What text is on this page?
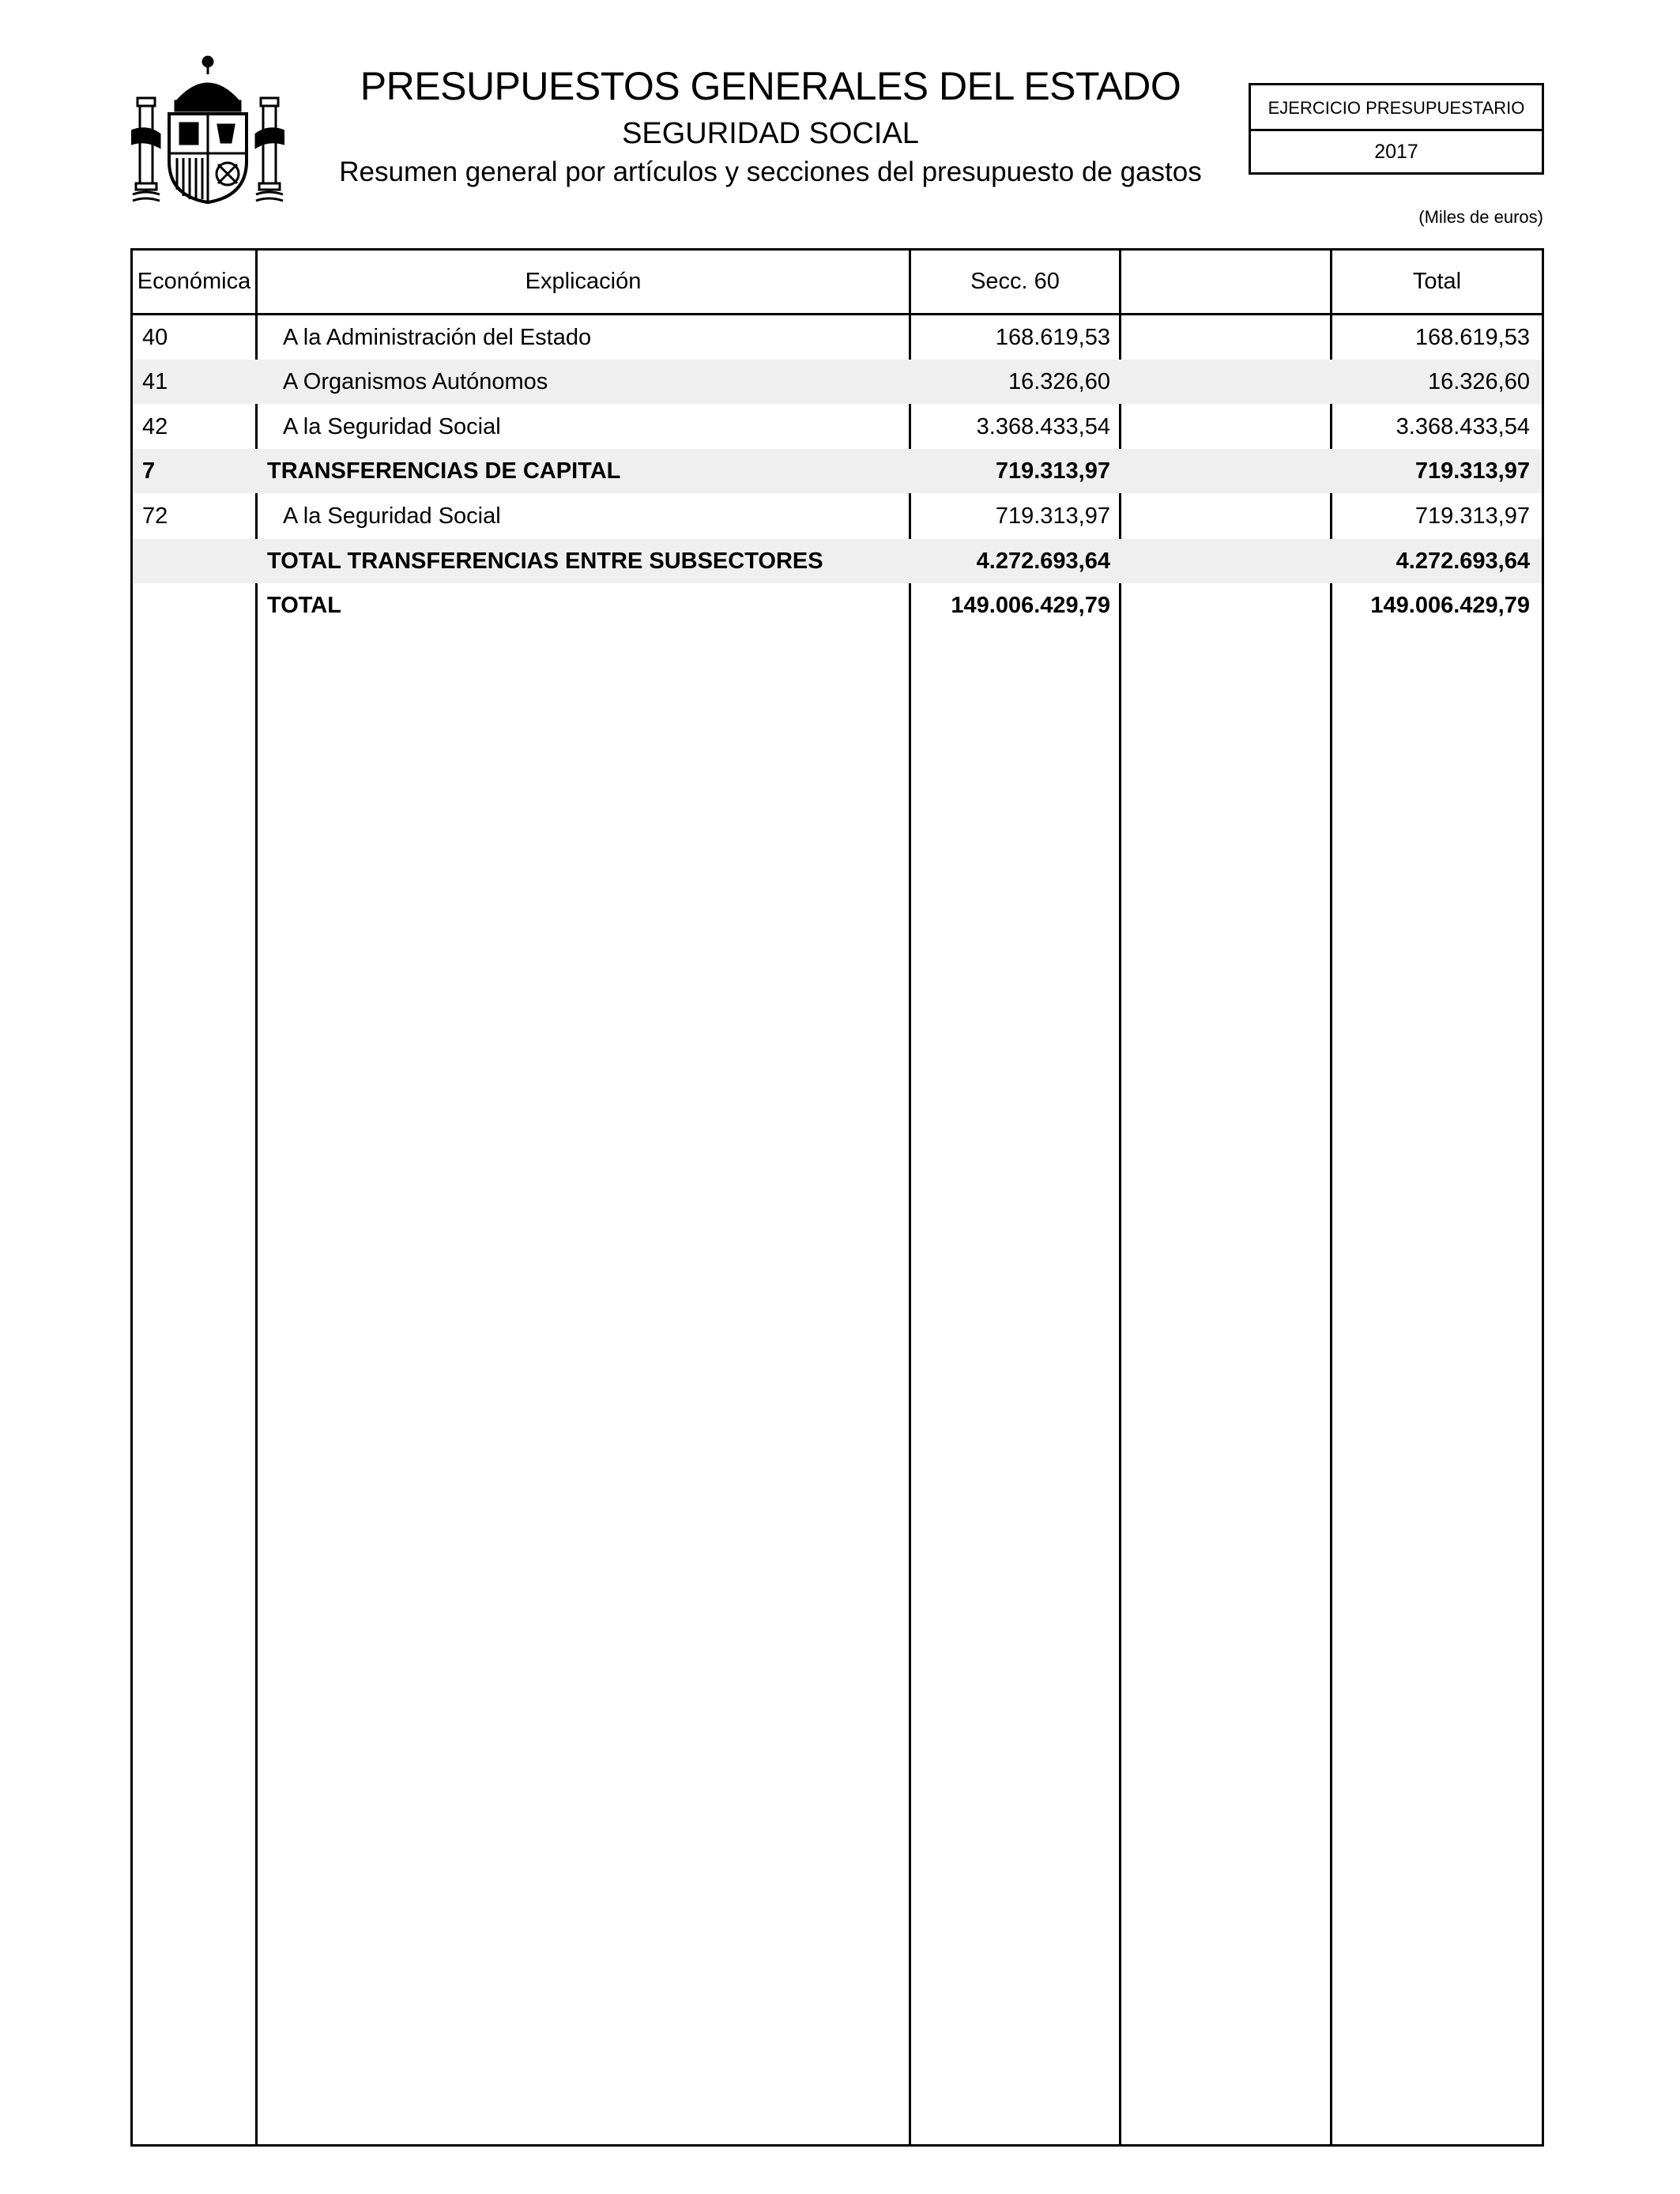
PRESUPUESTOS GENERALES DEL ESTADO
SEGURIDAD SOCIAL
Resumen general por artículos y secciones del presupuesto de gastos
EJERCICIO PRESUPUESTARIO
2017
(Miles de euros)
Económica	Explicación	Secc. 60	Total
40	A la Administración del Estado	168.619,53	168.619,53
41	A Organismos Autónomos	16.326,60	16.326,60
42	A la Seguridad Social	3.368.433,54	3.368.433,54
7	TRANSFERENCIAS DE CAPITAL	719.313,97	719.313,97
72	A la Seguridad Social	719.313,97	719.313,97
TOTAL TRANSFERENCIAS ENTRE SUBSECTORES	4.272.693,64	4.272.693,64
TOTAL	149.006.429,79	149.006.429,79
